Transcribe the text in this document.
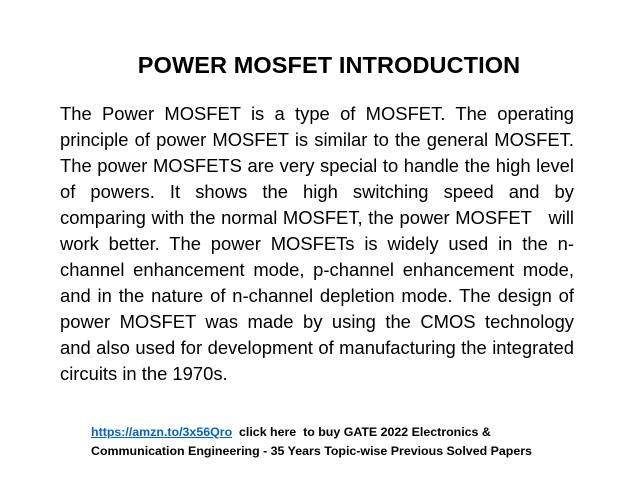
POWER MOSFET INTRODUCTION

The Power MOSFET is a type of MOSFET. The operating principle of power MOSFET is similar to the general MOSFET. The power MOSFETS are very special to handle the high level of powers. It shows the high switching speed and by comparing with the normal MOSFET, the power MOSFET   will work better. The power MOSFETs is widely used in the n-channel enhancement mode, p-channel enhancement mode, and in the nature of n-channel depletion mode. The design of power MOSFET was made by using the CMOS technology and also used for development of manufacturing the integrated circuits in the 1970s.

https://amzn.to/3x56Qro  click here  to buy GATE 2022 Electronics &
Communication Engineering - 35 Years Topic-wise Previous Solved Papers
